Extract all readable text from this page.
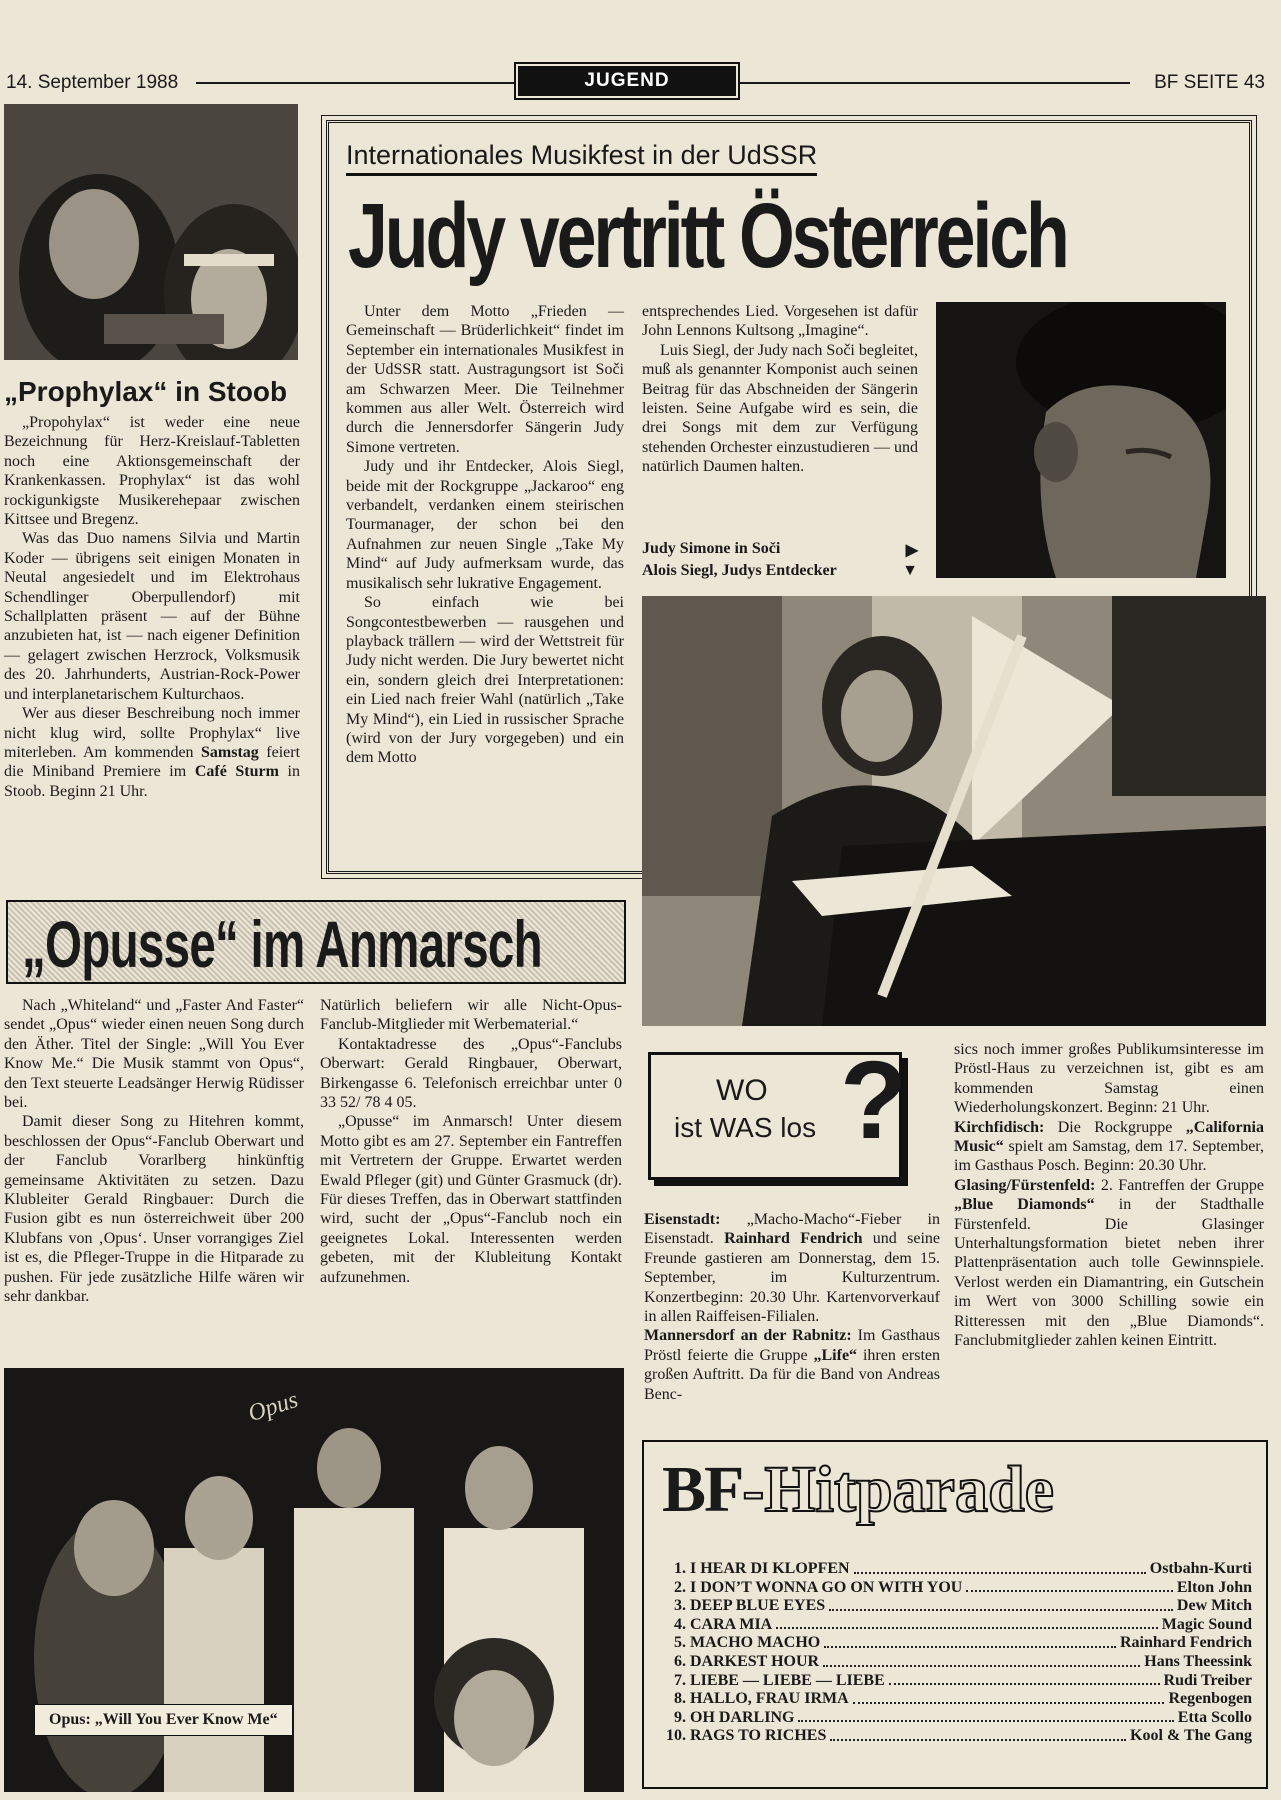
14. September 1988	JUGEND	BF SEITE 43
„Prophylax“ in Stoob

„Propohylax“ ist weder eine neue Bezeichnung für Herz-Kreislauf-Tabletten noch eine Aktionsgemeinschaft der Krankenkassen. Prophylax“ ist das wohl rockigunkigste Musikerehepaar zwischen Kittsee und Bregenz.

Was das Duo namens Silvia und Martin Koder — übrigens seit einigen Monaten in Neutal angesiedelt und im Elektrohaus Schendlinger Oberpullendorf) mit Schallplatten präsent — auf der Bühne anzubieten hat, ist — nach eigener Definition — gelagert zwischen Herzrock, Volksmusik des 20. Jahrhunderts, Austrian-Rock-Power und interplanetarischem Kulturchaos.

Wer aus dieser Beschreibung noch immer nicht klug wird, sollte Prophylax“ live miterleben. Am kommenden Samstag feiert die Miniband Premiere im Café Sturm in Stoob. Beginn 21 Uhr.

Internationales Musikfest in der UdSSR
Judy vertritt Österreich

Unter dem Motto „Frieden — Gemeinschaft — Brüderlichkeit“ findet im September ein internationales Musikfest in der UdSSR statt. Austragungsort ist Soči am Schwarzen Meer. Die Teilnehmer kommen aus aller Welt. Österreich wird durch die Jennersdorfer Sängerin Judy Simone vertreten.

Judy und ihr Entdecker, Alois Siegl, beide mit der Rockgruppe „Jackaroo“ eng verbandelt, verdanken einem steirischen Tourmanager, der schon bei den Aufnahmen zur neuen Single „Take My Mind“ auf Judy aufmerksam wurde, das musikalisch sehr lukrative Engagement.

So einfach wie bei Songcontestbewerben — rausgehen und playback trällern — wird der Wettstreit für Judy nicht werden. Die Jury bewertet nicht ein, sondern gleich drei Interpretationen: ein Lied nach freier Wahl (natürlich „Take My Mind“), ein Lied in russischer Sprache (wird von der Jury vorgegeben) und ein dem Motto

entsprechendes Lied. Vorgesehen ist dafür John Lennons Kultsong „Imagine“.

Luis Siegl, der Judy nach Soči begleitet, muß als genannter Komponist auch seinen Beitrag für das Abschneiden der Sängerin leisten. Seine Aufgabe wird es sein, die drei Songs mit dem zur Verfügung stehenden Orchester einzustudieren — und natürlich Daumen halten.

Judy Simone in Soči	▶
Alois Siegl, Judys Entdecker	▼
„Opusse“ im Anmarsch

Nach „Whiteland“ und „Faster And Faster“ sendet „Opus“ wieder einen neuen Song durch den Äther. Titel der Single: „Will You Ever Know Me.“ Die Musik stammt von Opus“, den Text steuerte Leadsänger Herwig Rüdisser bei.

Damit dieser Song zu Hitehren kommt, beschlossen der Opus“-Fanclub Oberwart und der Fanclub Vorarlberg hinkünftig gemeinsame Aktivitäten zu setzen. Dazu Klubleiter Gerald Ringbauer: Durch die Fusion gibt es nun österreichweit über 200 Klubfans von ‚Opus‘. Unser vorrangiges Ziel ist es, die Pfleger-Truppe in die Hitparade zu pushen. Für jede zusätzliche Hilfe wären wir sehr dankbar.

Natürlich beliefern wir alle Nicht-Opus-Fanclub-Mitglieder mit Werbematerial.“

Kontaktadresse des „Opus“-Fanclubs Oberwart: Gerald Ringbauer, Oberwart, Birkengasse 6. Telefonisch erreichbar unter 0 33 52/ 78 4 05.

„Opusse“ im Anmarsch! Unter diesem Motto gibt es am 27. September ein Fantreffen mit Vertretern der Gruppe. Erwartet werden Ewald Pfleger (git) und Günter Grasmuck (dr). Für dieses Treffen, das in Oberwart stattfinden wird, sucht der „Opus“-Fanclub noch ein geeignetes Lokal. Interessenten werden gebeten, mit der Klubleitung Kontakt aufzunehmen.

Opus
Opus: „Will You Ever Know Me“
WO
ist WAS los ?

Eisenstadt: „Macho-Macho“-Fieber in Eisenstadt. Rainhard Fendrich und seine Freunde gastieren am Donnerstag, dem 15. September, im Kulturzentrum. Konzertbeginn: 20.30 Uhr. Kartenvorverkauf in allen Raiffeisen-Filialen.

Mannersdorf an der Rabnitz: Im Gasthaus Pröstl feierte die Gruppe „Life“ ihren ersten großen Auftritt. Da für die Band von Andreas Benc-

sics noch immer großes Publikumsinteresse im Pröstl-Haus zu verzeichnen ist, gibt es am kommenden Samstag einen Wiederholungskonzert. Beginn: 21 Uhr.

Kirchfidisch: Die Rockgruppe „California Music“ spielt am Samstag, dem 17. September, im Gasthaus Posch. Beginn: 20.30 Uhr.

Glasing/Fürstenfeld: 2. Fantreffen der Gruppe „Blue Diamonds“ in der Stadthalle Fürstenfeld. Die Glasinger Unterhaltungsformation bietet neben ihrer Plattenpräsentation auch tolle Gewinnspiele. Verlost werden ein Diamantring, ein Gutschein im Wert von 3000 Schilling sowie ein Ritteressen mit den „Blue Diamonds“. Fanclubmitglieder zahlen keinen Eintritt.

BF-Hitparade
1. I HEAR DI KLOPFEN	Ostbahn-Kurti
2. I DON’T WONNA GO ON WITH YOU	Elton John
3. DEEP BLUE EYES	Dew Mitch
4. CARA MIA	Magic Sound
5. MACHO MACHO	Rainhard Fendrich
6. DARKEST HOUR	Hans Theessink
7. LIEBE — LIEBE — LIEBE	Rudi Treiber
8. HALLO, FRAU IRMA	Regenbogen
9. OH DARLING	Etta Scollo
10. RAGS TO RICHES	Kool & The Gang
